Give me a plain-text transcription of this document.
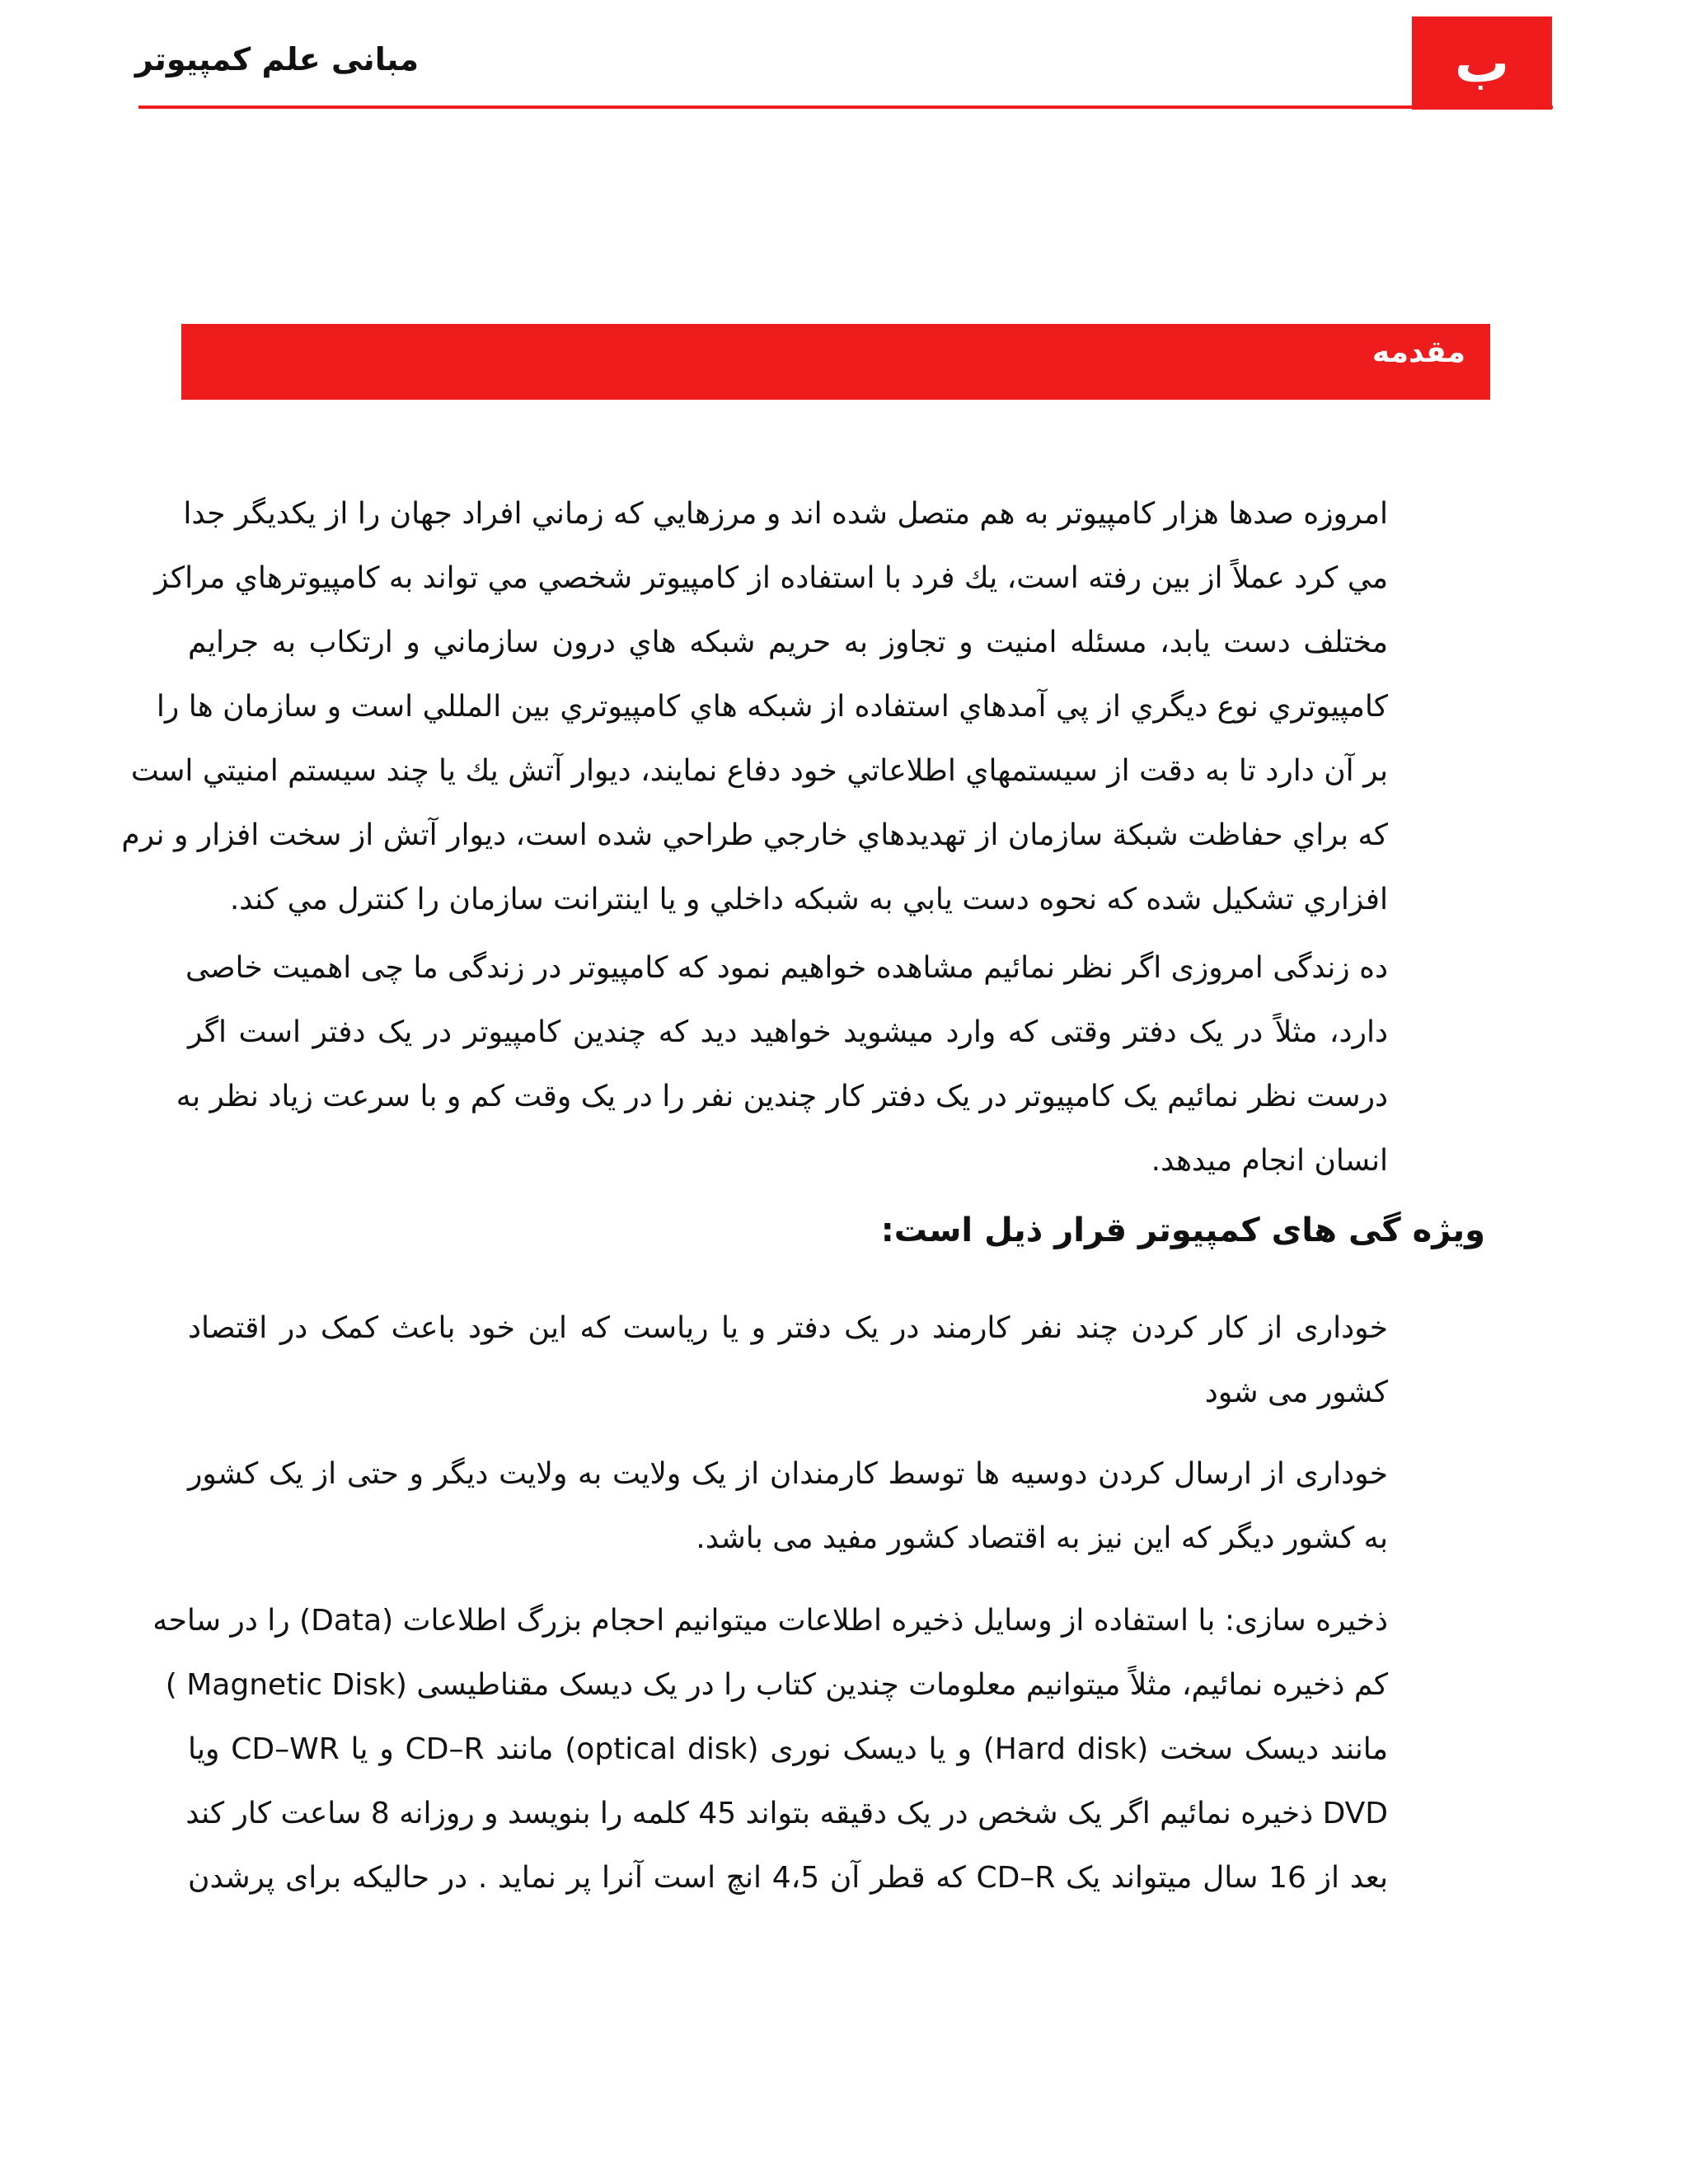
ب
مبانی علم کمپیوتر
مقدمه
امروزه صدها هزار كامپيوتر به هم متصل شده اند و مرزهايي كه زماني افراد جهان را از يكديگر جدا
مي كرد عملاً از بين رفته است، يك فرد با استفاده از كامپيوتر شخصي مي تواند به كامپيوترهاي مراكز
مختلف دست يابد، مسئله امنيت و تجاوز به حريم شبكه هاي درون سازماني و ارتكاب به جرايم
كامپيوتري نوع ديگري از پي آمدهاي استفاده از شبكه هاي كامپيوتري بين المللي است و سازمان ها را
بر آن دارد تا به دقت از سيستمهاي اطلاعاتي خود دفاع نمايند، ديوار آتش يك يا چند سيستم امنيتي است
كه براي حفاظت شبكة سازمان از تهديدهاي خارجي طراحي شده است، ديوار آتش از سخت افزار و نرم
افزاري تشكيل شده كه نحوه دست يابي به شبكه داخلي و يا اينترانت سازمان را كنترل مي كند.
ده زندگی امروزی اگر نظر نمائیم مشاهده خواهیم نمود که کامپیوتر در زندگی ما چی اهمیت خاصی
دارد، مثلاً در یک دفتر وقتی که وارد میشوید خواهید دید که چندین کامپیوتر در یک دفتر است اگر
درست نظر نمائیم یک کامپیوتر در یک دفتر کار چندین نفر را در یک وقت کم و با سرعت زیاد نظر به
انسان انجام میدهد.
ویژه گی های کمپیوتر قرار ذیل است:
خوداری از کار کردن چند نفر کارمند در یک دفتر و یا ریاست که این خود باعث کمک در اقتصاد
کشور می شود
خوداری از ارسال کردن دوسیه ها توسط کارمندان از یک ولایت به ولایت دیگر و حتی از یک کشور
به کشور دیگر که این نیز به اقتصاد کشور مفید می باشد.
ذخیره سازی: با استفاده از وسایل ذخیره اطلاعات میتوانیم احجام بزرگ اطلاعات (Data) را در ساحه
کم ذخیره نمائیم، مثلاً میتوانیم معلومات چندین کتاب را در یک دیسک مقناطیسی (Magnetic Disk )
مانند دیسک سخت (Hard disk) و یا دیسک نوری (optical disk) مانند CD–R و یا CD–WR ویا
DVD ذخیره نمائیم اگر یک شخص در یک دقیقه بتواند 45 کلمه را بنویسد و روزانه 8 ساعت کار کند
بعد از 16 سال میتواند یک CD–R که قطر آن 4،5 انچ است آنرا پر نماید . در حالیکه برای پرشدن
